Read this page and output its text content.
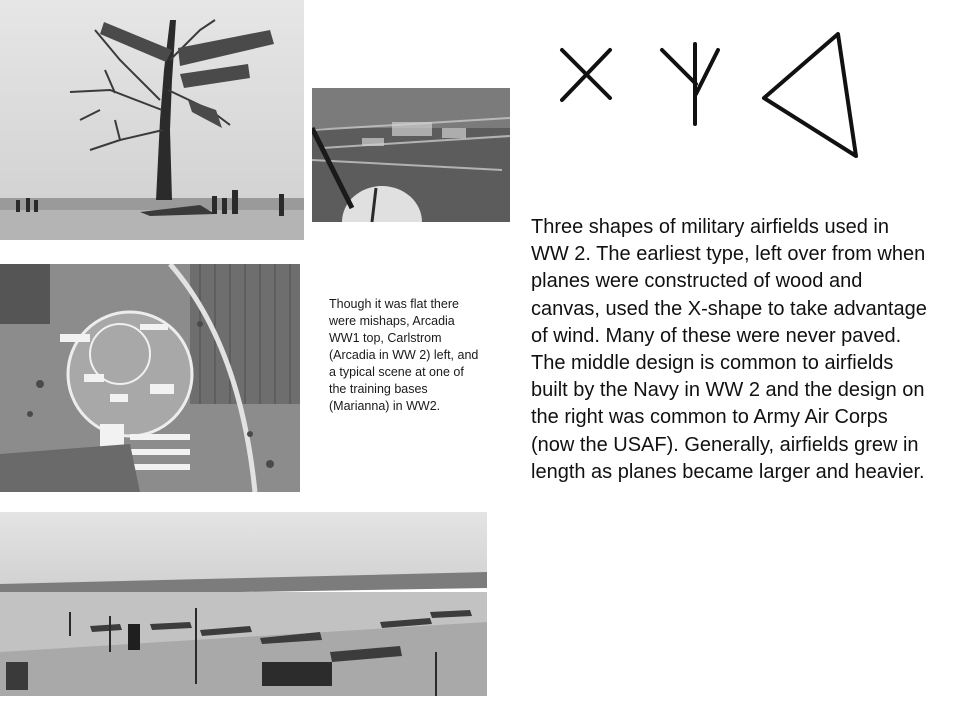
Though it was flat there were mishaps, Arcadia WW1 top, Carlstrom (Arcadia in WW 2) left, and a typical scene at one of the training bases (Marianna) in WW2.

Three shapes of military airfields used in WW 2. The earliest type, left over from when planes were constructed of wood and canvas, used the X-shape to take advantage of wind. Many of these were never paved. The middle design is common to airfields built by the Navy in WW 2 and the design on the right was common to Army Air Corps (now the USAF). Generally, airfields grew in length as planes became larger and heavier.
